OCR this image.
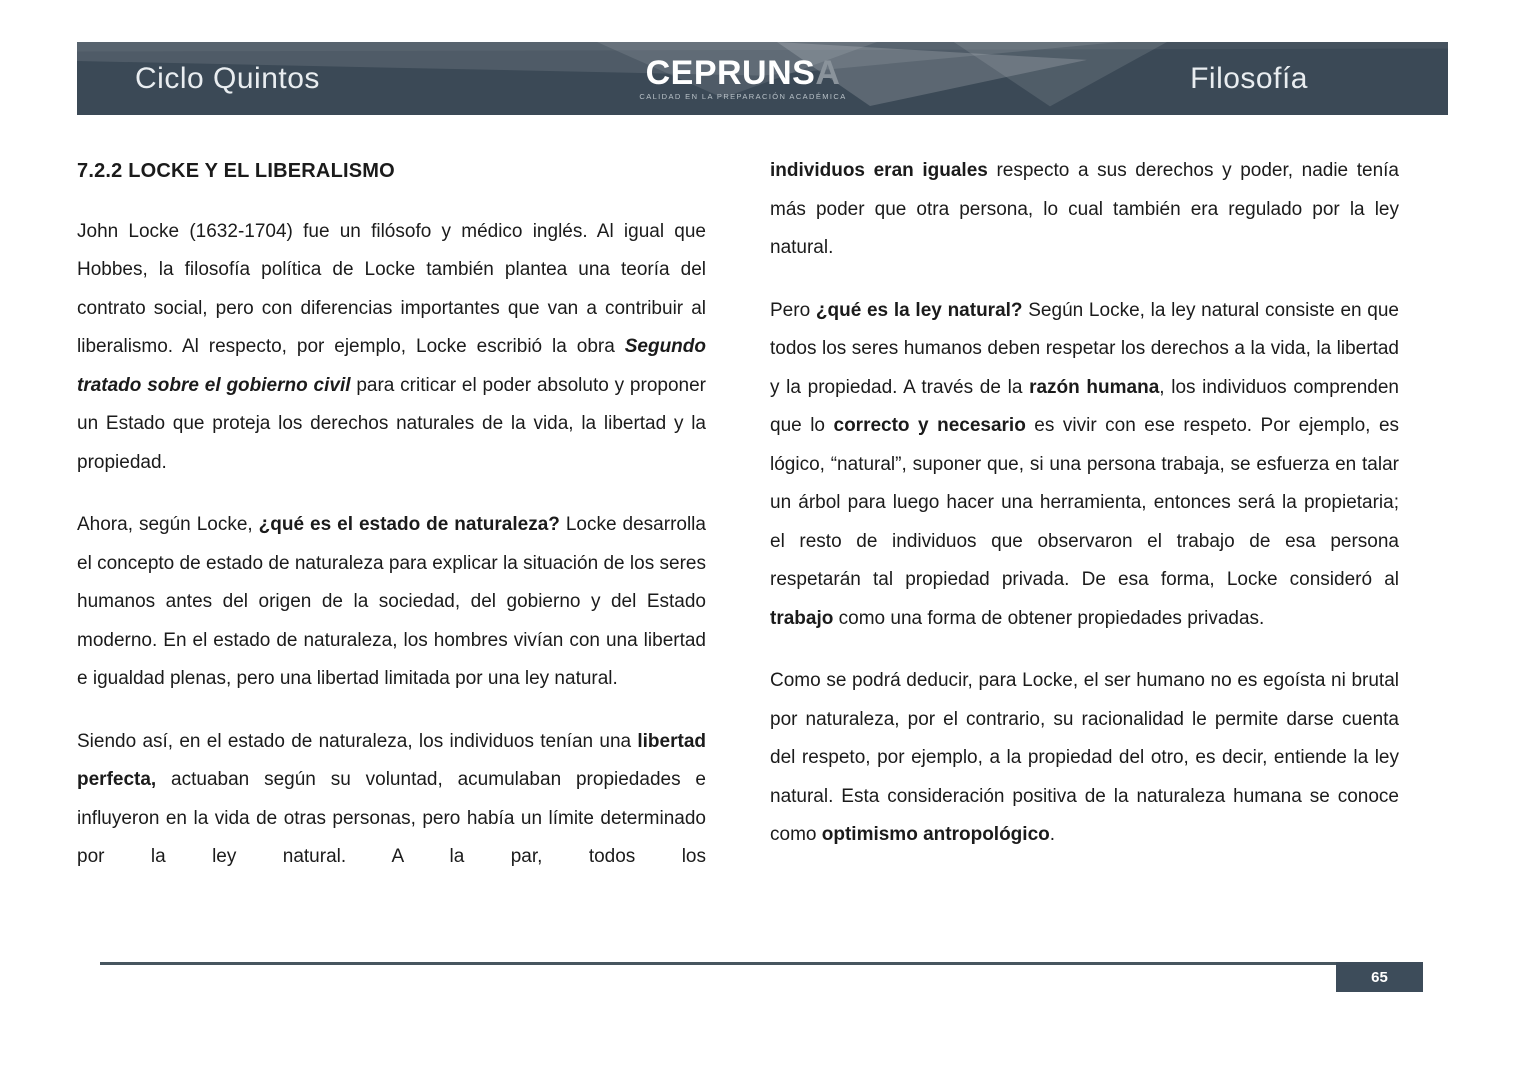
Ciclo Quintos	CEPRUNSA
CALIDAD EN LA PREPARACIÓN ACADÉMICA
Filosofía
7.2.2 LOCKE Y EL LIBERALISMO

John Locke (1632-1704) fue un filósofo y médico inglés. Al igual que Hobbes, la filosofía política de Locke también plantea una teoría del contrato social, pero con diferencias importantes que van a contribuir al liberalismo. Al respecto, por ejemplo, Locke escribió la obra Segundo tratado sobre el gobierno civil para criticar el poder absoluto y proponer un Estado que proteja los derechos naturales de la vida, la libertad y la propiedad.

Ahora, según Locke, ¿qué es el estado de naturaleza? Locke desarrolla el concepto de estado de naturaleza para explicar la situación de los seres humanos antes del origen de la sociedad, del gobierno y del Estado moderno. En el estado de naturaleza, los hombres vivían con una libertad e igualdad plenas, pero una libertad limitada por una ley natural.

Siendo así, en el estado de naturaleza, los individuos tenían una libertad perfecta, actuaban según su voluntad, acumulaban propiedades e influyeron en la vida de otras personas, pero había un límite determinado por la ley natural. A la par, todos los

individuos eran iguales respecto a sus derechos y poder, nadie tenía más poder que otra persona, lo cual también era regulado por la ley natural.

Pero ¿qué es la ley natural? Según Locke, la ley natural consiste en que todos los seres humanos deben respetar los derechos a la vida, la libertad y la propiedad. A través de la razón humana, los individuos comprenden que lo correcto y necesario es vivir con ese respeto. Por ejemplo, es lógico, “natural”, suponer que, si una persona trabaja, se esfuerza en talar un árbol para luego hacer una herramienta, entonces será la propietaria; el resto de individuos que observaron el trabajo de esa persona respetarán tal propiedad privada. De esa forma, Locke consideró al trabajo como una forma de obtener propiedades privadas.

Como se podrá deducir, para Locke, el ser humano no es egoísta ni brutal por naturaleza, por el contrario, su racionalidad le permite darse cuenta del respeto, por ejemplo, a la propiedad del otro, es decir, entiende la ley natural. Esta consideración positiva de la naturaleza humana se conoce como optimismo antropológico.

65
